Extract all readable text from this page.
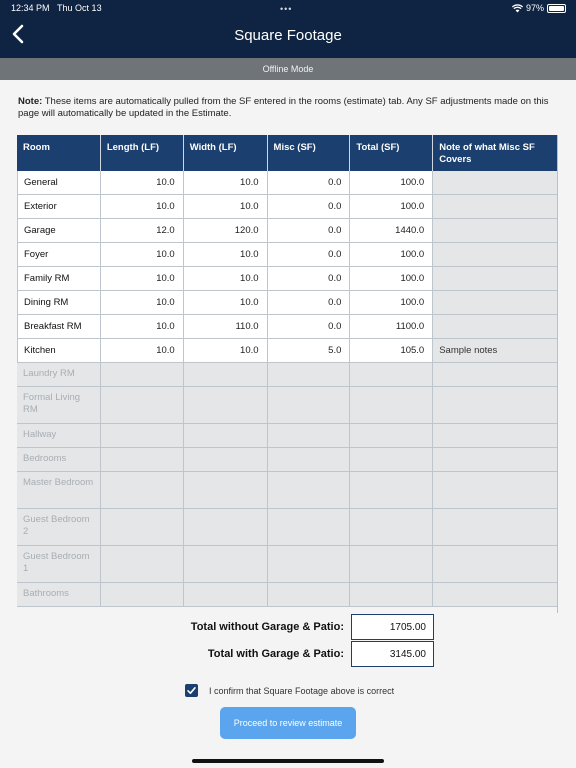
12:34 PM Thu Oct 13	•••	97%
Square Footage
Offline Mode
Note: These items are automatically pulled from the SF entered in the rooms (estimate) tab. Any SF adjustments made on this page will automatically be updated in the Estimate.
Room	Length (LF)	Width (LF)	Misc (SF)	Total (SF)	Note of what Misc SF Covers
General	10.0	10.0	0.0	100.0
Exterior	10.0	10.0	0.0	100.0
Garage	12.0	120.0	0.0	1440.0
Foyer	10.0	10.0	0.0	100.0
Family RM	10.0	10.0	0.0	100.0
Dining RM	10.0	10.0	0.0	100.0
Breakfast RM	10.0	110.0	0.0	1100.0
Kitchen	10.0	10.0	5.0	105.0	Sample notes
Laundry RM
Formal Living RM
Hallway
Bedrooms
Master Bedroom
Guest Bedroom 2
Guest Bedroom 1
Bathrooms
Total without Garage & Patio:	1705.00
Total with Garage & Patio:	3145.00
I confirm that Square Footage above is correct
Proceed to review estimate
